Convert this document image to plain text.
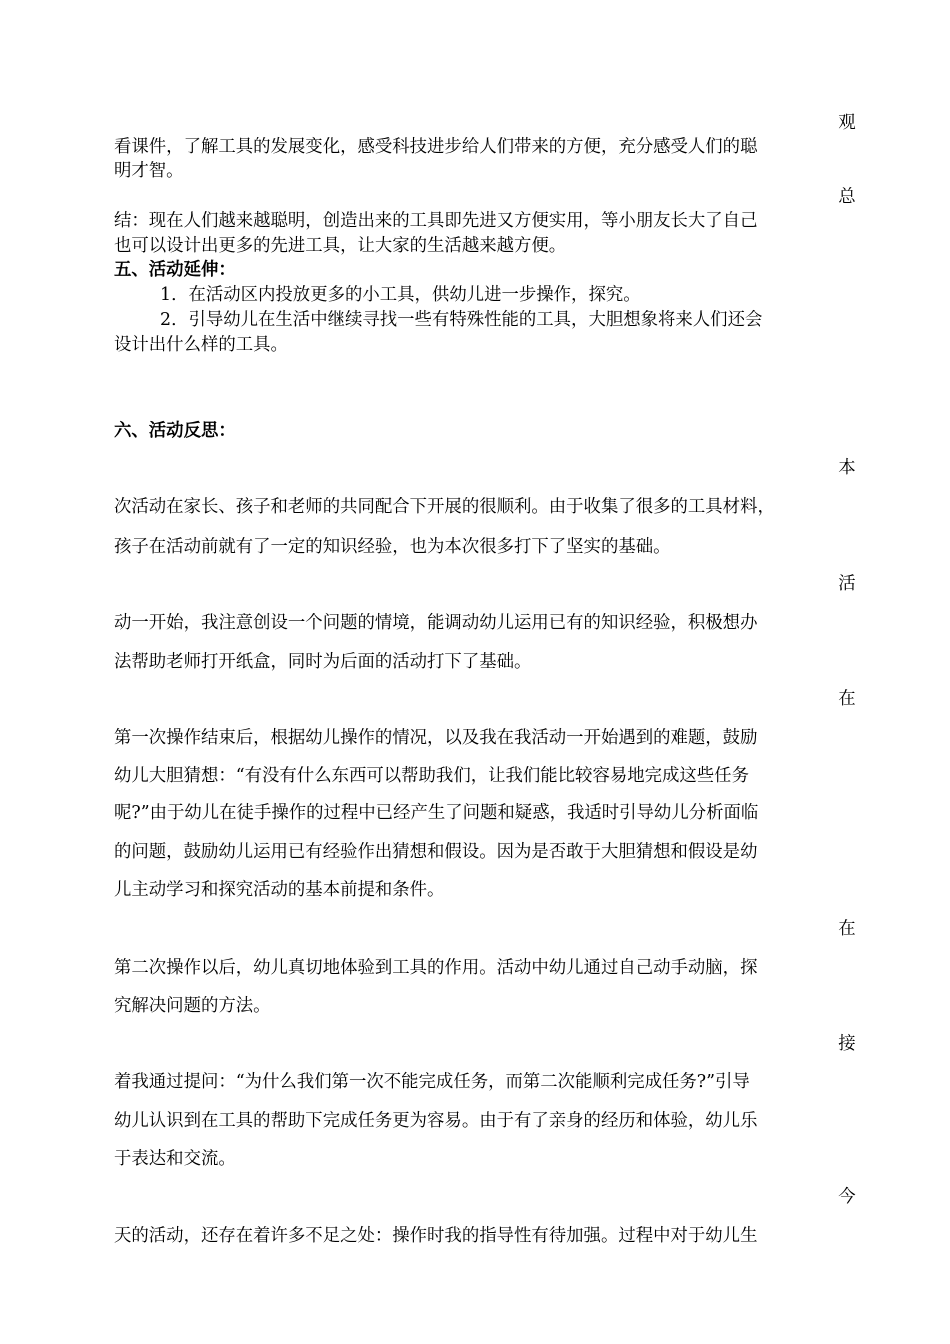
观
看课件，了解工具的发展变化，感受科技进步给人们带来的方便，充分感受人们的聪
明才智。
总
结：现在人们越来越聪明，创造出来的工具即先进又方便实用，等小朋友长大了自己
也可以设计出更多的先进工具，让大家的生活越来越方便。
五、活动延伸：
1．在活动区内投放更多的小工具，供幼儿进一步操作，探究。
2．引导幼儿在生活中继续寻找一些有特殊性能的工具，大胆想象将来人们还会
设计出什么样的工具。
六、活动反思：
本
次活动在家长、孩子和老师的共同配合下开展的很顺利。由于收集了很多的工具材料，
孩子在活动前就有了一定的知识经验，也为本次很多打下了坚实的基础。
活
动一开始，我注意创设一个问题的情境，能调动幼儿运用已有的知识经验，积极想办
法帮助老师打开纸盒，同时为后面的活动打下了基础。
在
第一次操作结束后，根据幼儿操作的情况，以及我在我活动一开始遇到的难题，鼓励
幼儿大胆猜想：“有没有什么东西可以帮助我们，让我们能比较容易地完成这些任务
呢?”由于幼儿在徒手操作的过程中已经产生了问题和疑惑，我适时引导幼儿分析面临
的问题，鼓励幼儿运用已有经验作出猜想和假设。因为是否敢于大胆猜想和假设是幼
儿主动学习和探究活动的基本前提和条件。
在
第二次操作以后，幼儿真切地体验到工具的作用。活动中幼儿通过自己动手动脑，探
究解决问题的方法。
接
着我通过提问：“为什么我们第一次不能完成任务，而第二次能顺利完成任务?”引导
幼儿认识到在工具的帮助下完成任务更为容易。由于有了亲身的经历和体验，幼儿乐
于表达和交流。
今
天的活动，还存在着许多不足之处：操作时我的指导性有待加强。过程中对于幼儿生
